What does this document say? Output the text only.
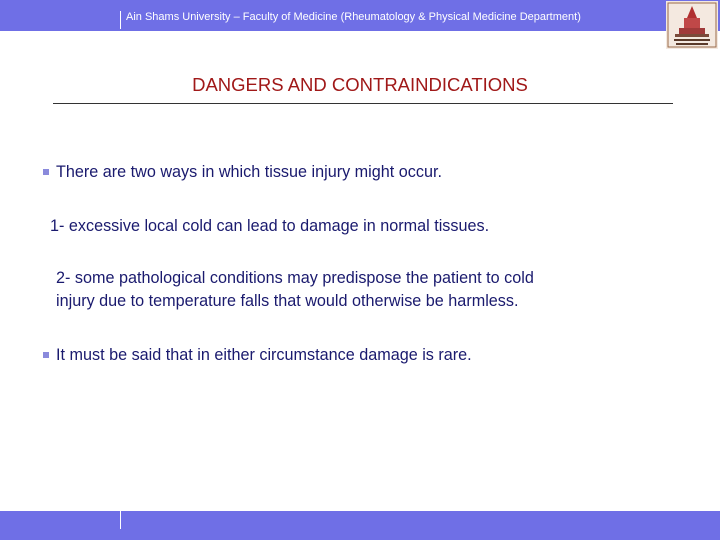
Ain Shams University – Faculty of Medicine (Rheumatology & Physical Medicine Department)
DANGERS AND CONTRAINDICATIONS
There are two ways in which tissue injury might occur.
1- excessive local cold can lead to damage in normal tissues.
2- some pathological conditions may predispose the patient to cold
injury due to temperature falls that would otherwise be harmless.
It must be said that in either circumstance damage is rare.
